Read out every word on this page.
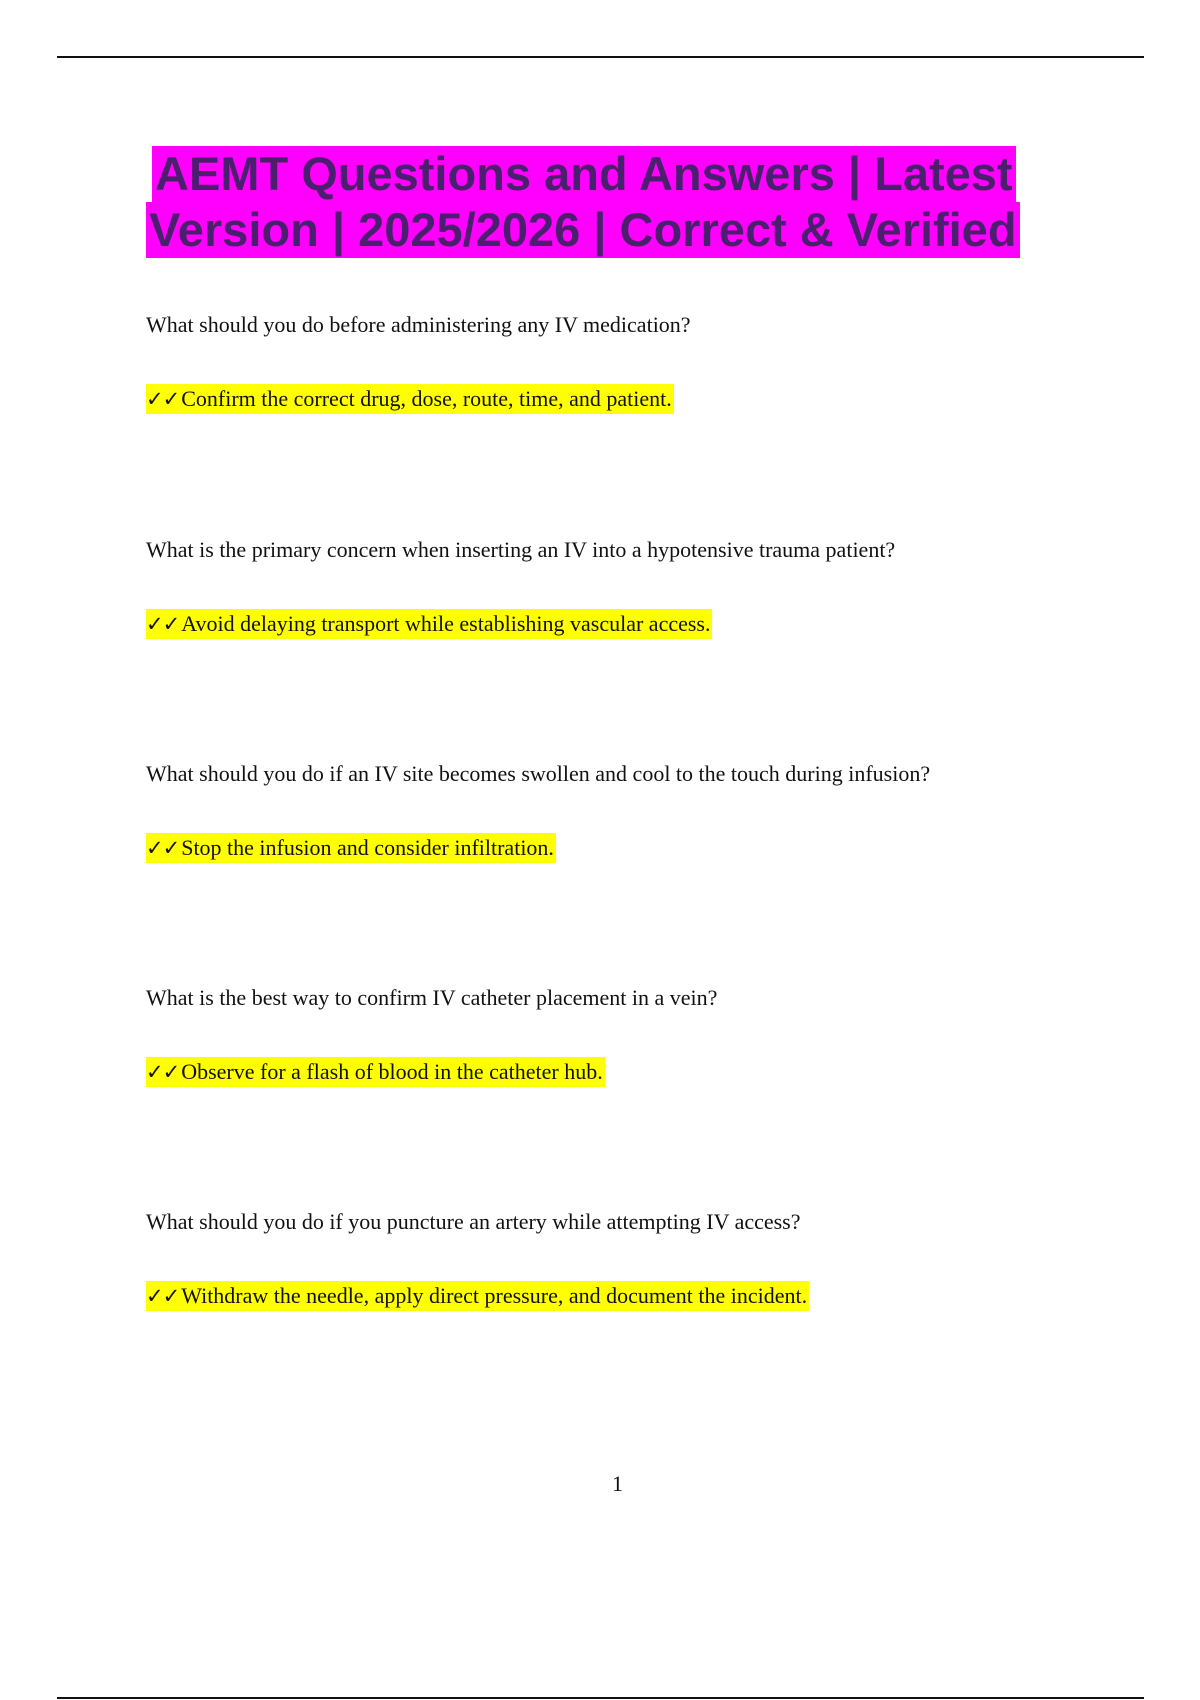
AEMT Questions and Answers | Latest
Version | 2025/2026 | Correct & Verified
What should you do before administering any IV medication?
✓✓Confirm the correct drug, dose, route, time, and patient.
What is the primary concern when inserting an IV into a hypotensive trauma patient?
✓✓Avoid delaying transport while establishing vascular access.
What should you do if an IV site becomes swollen and cool to the touch during infusion?
✓✓Stop the infusion and consider infiltration.
What is the best way to confirm IV catheter placement in a vein?
✓✓Observe for a flash of blood in the catheter hub.
What should you do if you puncture an artery while attempting IV access?
✓✓Withdraw the needle, apply direct pressure, and document the incident.
1
